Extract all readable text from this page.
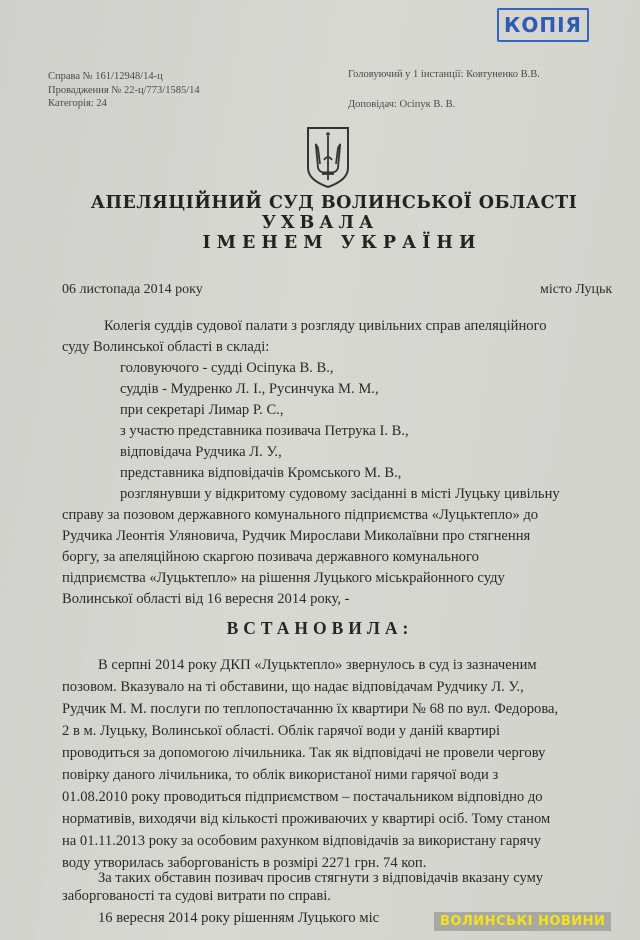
КОПІЯ
Справа № 161/12948/14-ц
Провадження № 22-ц/773/1585/14
Категорія: 24
Головуючий у 1 інстанції: Ковтуненко В.В.
Доповідач: Осіпук В. В.
АПЕЛЯЦІЙНИЙ СУД ВОЛИНСЬКОЇ ОБЛАСТІ
УХВАЛА
ІМЕНЕМ УКРАЇНИ
06 листопада 2014 року	місто Луцьк
Колегія суддів судової палати з розгляду цивільних справ апеляційного
суду Волинської області в складі:
головуючого - судді Осіпука В. В.,
суддів - Мудренко Л. І., Русинчука М. М.,
при секретарі Лимар Р. С.,
з участю представника позивача Петрука І. В.,
відповідача Рудчика Л. У.,
представника відповідачів Кромського М. В.,
розглянувши у відкритому судовому засіданні в місті Луцьку цивільну
справу за позовом державного комунального підприємства «Луцьктепло» до
Рудчика Леонтія Уляновича, Рудчик Мирослави Миколаївни про стягнення
боргу, за апеляційною скаргою позивача державного комунального
підприємства «Луцьктепло» на рішення Луцького міськрайонного суду
Волинської області від 16 вересня 2014 року, -
ВСТАНОВИЛА:
В серпні 2014 року ДКП «Луцьктепло» звернулось в суд із зазначеним
позовом. Вказувало на ті обставини, що надає відповідачам Рудчику Л. У.,
Рудчик М. М. послуги по теплопостачанню їх квартири № 68 по вул. Федорова,
2 в м. Луцьку, Волинської області. Облік гарячої води у даній квартирі
проводиться за допомогою лічильника. Так як відповідачі не провели чергову
повірку даного лічильника, то облік використаної ними гарячої води з
01.08.2010 року проводиться підприємством – постачальником відповідно до
нормативів, виходячи від кількості проживаючих у квартирі осіб. Тому станом
на 01.11.2013 року за особовим рахунком відповідачів за використану гарячу
воду утворилась заборгованість в розмірі 2271 грн. 74 коп.
За таких обставин позивач просив стягнути з відповідачів вказану суму
заборгованості та судові витрати по справі.
16 вересня 2014 року рішенням Луцького міс	ВОЛИНСЬКІ НОВИНИ
